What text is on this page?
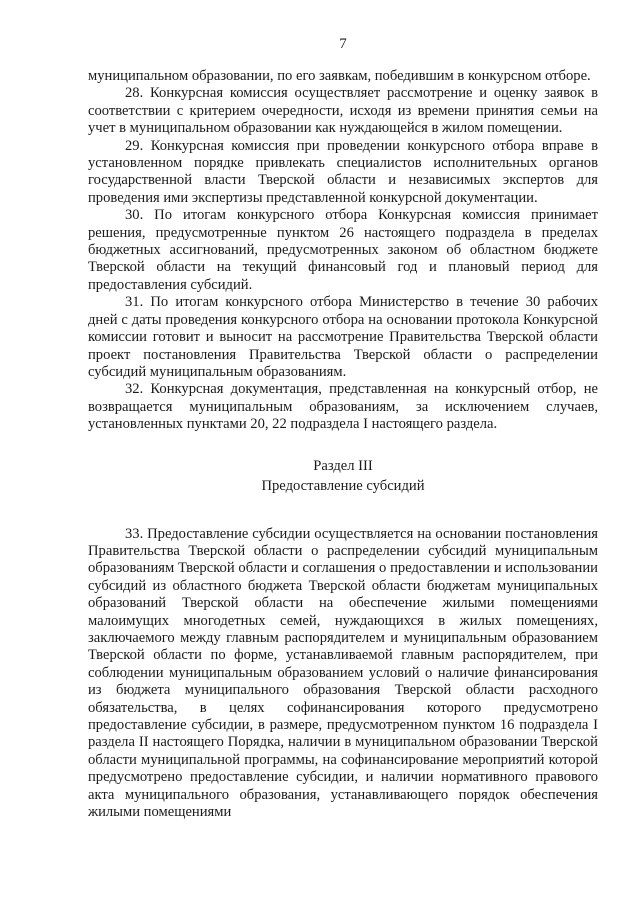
7

муниципальном образовании, по его заявкам, победившим в конкурсном отборе.

28. Конкурсная комиссия осуществляет рассмотрение и оценку заявок в соответствии с критерием очередности, исходя из времени принятия семьи на учет в муниципальном образовании как нуждающейся в жилом помещении.

29. Конкурсная комиссия при проведении конкурсного отбора вправе в установленном порядке привлекать специалистов исполнительных органов государственной власти Тверской области и независимых экспертов для проведения ими экспертизы представленной конкурсной документации.

30. По итогам конкурсного отбора Конкурсная комиссия принимает решения, предусмотренные пунктом 26 настоящего подраздела в пределах бюджетных ассигнований, предусмотренных законом об областном бюджете Тверской области на текущий финансовый год и плановый период для предоставления субсидий.

31. По итогам конкурсного отбора Министерство в течение 30 рабочих дней с даты проведения конкурсного отбора на основании протокола Конкурсной комиссии готовит и выносит на рассмотрение Правительства Тверской области проект постановления Правительства Тверской области о распределении субсидий муниципальным образованиям.

32. Конкурсная документация, представленная на конкурсный отбор, не возвращается муниципальным образованиям, за исключением случаев, установленных пунктами 20, 22 подраздела I настоящего раздела.

Раздел III
Предоставление субсидий

33. Предоставление субсидии осуществляется на основании постановления Правительства Тверской области о распределении субсидий муниципальным образованиям Тверской области и соглашения о предоставлении и использовании субсидий из областного бюджета Тверской области бюджетам муниципальных образований Тверской области на обеспечение жилыми помещениями малоимущих многодетных семей, нуждающихся в жилых помещениях, заключаемого между главным распорядителем и муниципальным образованием Тверской области по форме, устанавливаемой главным распорядителем, при соблюдении муниципальным образованием условий о наличие финансирования из бюджета муниципального образования Тверской области расходного обязательства, в целях софинансирования которого предусмотрено предоставление субсидии, в размере, предусмотренном пунктом 16 подраздела I раздела II настоящего Порядка, наличии в муниципальном образовании Тверской области муниципальной программы, на софинансирование мероприятий которой предусмотрено предоставление субсидии, и наличии нормативного правового акта муниципального образования, устанавливающего порядок обеспечения жилыми помещениями
